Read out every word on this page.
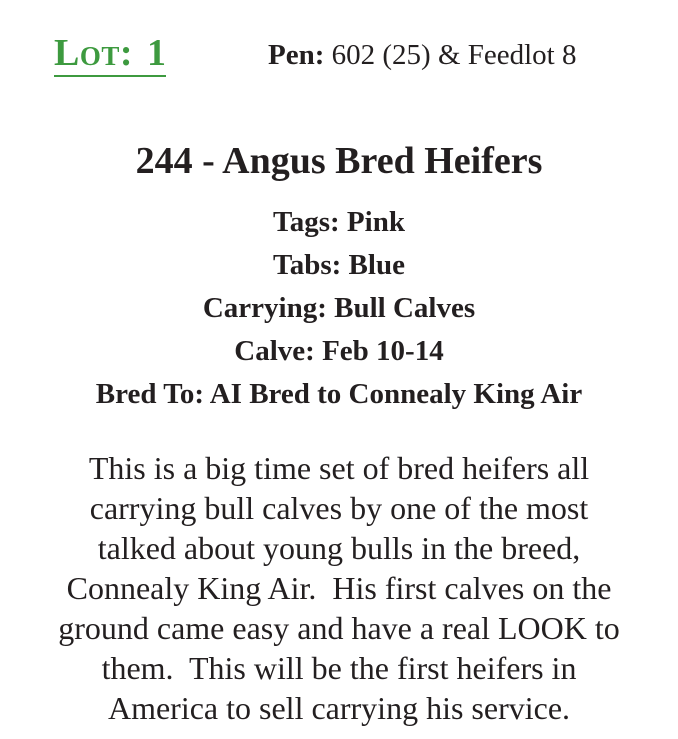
Lot: 1	Pen: 602 (25) & Feedlot 8
244 - Angus Bred Heifers
Tags: Pink
Tabs: Blue
Carrying: Bull Calves
Calve: Feb 10-14
Bred To: AI Bred to Connealy King Air
This is a big time set of bred heifers all
carrying bull calves by one of the most
talked about young bulls in the breed,
Connealy King Air.  His first calves on the
ground came easy and have a real LOOK to
them.  This will be the first heifers in
America to sell carrying his service.
